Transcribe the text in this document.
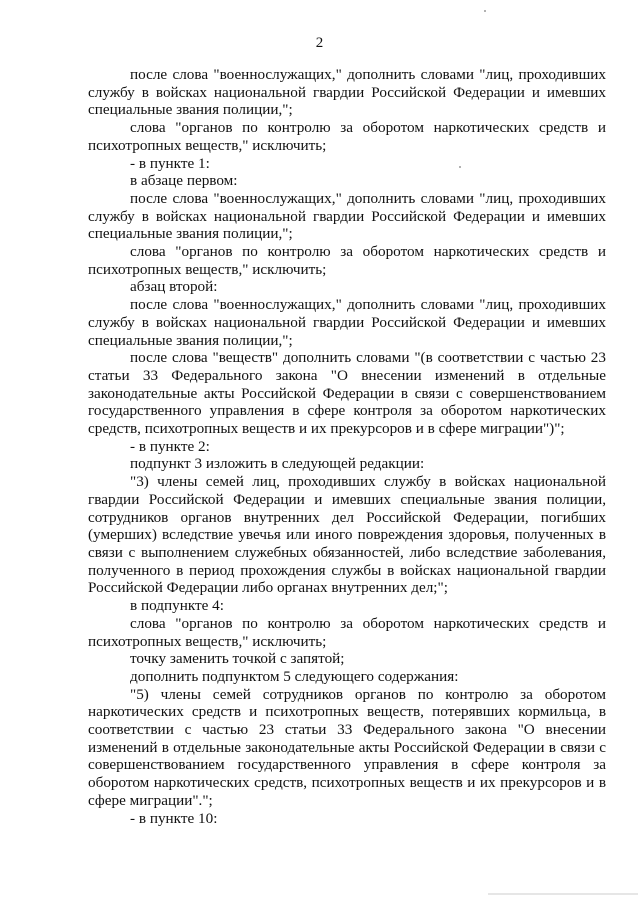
2

после слова "военнослужащих," дополнить словами "лиц, проходивших службу в войсках национальной гвардии Российской Федерации и имевших специальные звания полиции,";

слова "органов по контролю за оборотом наркотических средств и психотропных веществ," исключить;

- в пункте 1:

в абзаце первом:

после слова "военнослужащих," дополнить словами "лиц, проходивших службу в войсках национальной гвардии Российской Федерации и имевших специальные звания полиции,";

слова "органов по контролю за оборотом наркотических средств и психотропных веществ," исключить;

абзац второй:

после слова "военнослужащих," дополнить словами "лиц, проходивших службу в войсках национальной гвардии Российской Федерации и имевших специальные звания полиции,";

после слова "веществ" дополнить словами "(в соответствии с частью 23 статьи 33 Федерального закона "О внесении изменений в отдельные законодательные акты Российской Федерации в связи с совершенствованием государственного управления в сфере контроля за оборотом наркотических средств, психотропных веществ и их прекурсоров и в сфере миграции")";

- в пункте 2:

подпункт 3 изложить в следующей редакции:

"3) члены семей лиц, проходивших службу в войсках национальной гвардии Российской Федерации и имевших специальные звания полиции, сотрудников органов внутренних дел Российской Федерации, погибших (умерших) вследствие увечья или иного повреждения здоровья, полученных в связи с выполнением служебных обязанностей, либо вследствие заболевания, полученного в период прохождения службы в войсках национальной гвардии Российской Федерации либо органах внутренних дел;";

в подпункте 4:

слова "органов по контролю за оборотом наркотических средств и психотропных веществ," исключить;

точку заменить точкой с запятой;

дополнить подпунктом 5 следующего содержания:

"5) члены семей сотрудников органов по контролю за оборотом наркотических средств и психотропных веществ, потерявших кормильца, в соответствии с частью 23 статьи 33 Федерального закона "О внесении изменений в отдельные законодательные акты Российской Федерации в связи с совершенствованием государственного управления в сфере контроля за оборотом наркотических средств, психотропных веществ и их прекурсоров и в сфере миграции".";

- в пункте 10:
